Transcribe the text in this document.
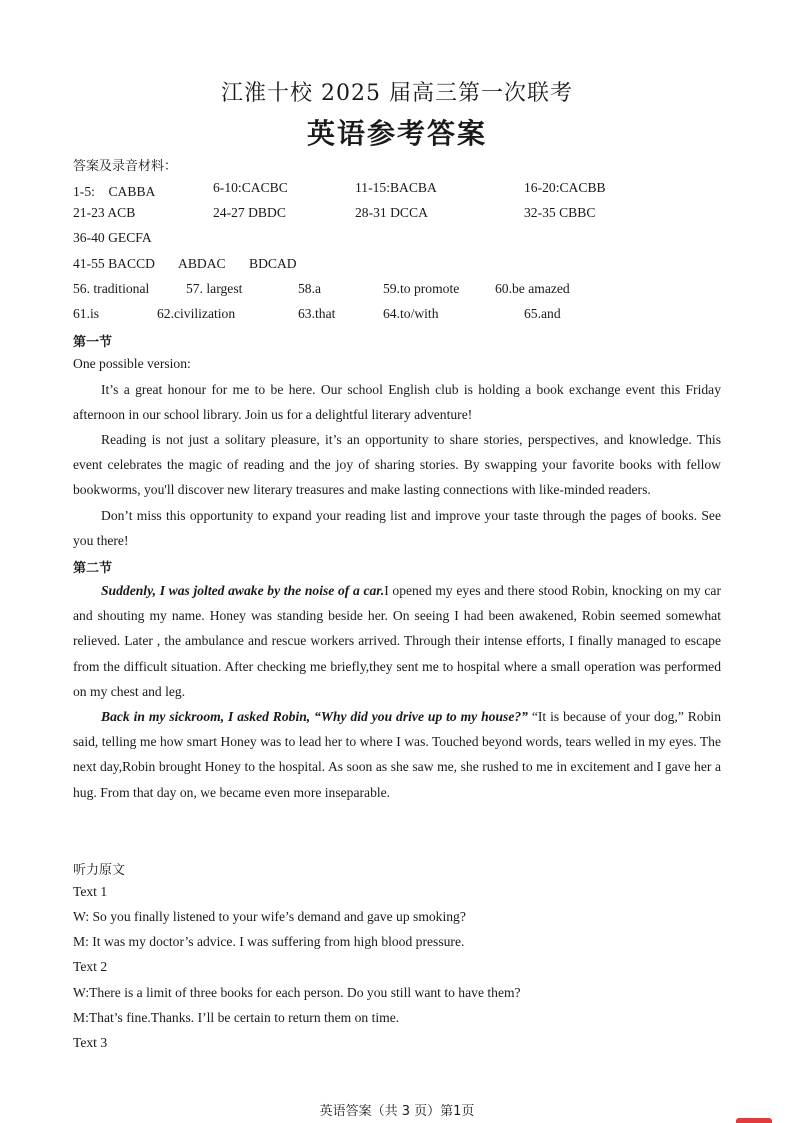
江淮十校 2025 届高三第一次联考
英语参考答案
答案及录音材料：
1-5:　CABBA	6-10:CACBC	11-15:BACBA	16-20:CACBB
21-23 ACB	24-27 DBDC	28-31 DCCA	32-35 CBBC
36-40 GECFA
41-55 BACCD ABDAC BDCAD
56. traditional	57. largest	58.a	59.to promote	60.be amazed
61.is	62.civilization	63.that	64.to/with	65.and
第一节
One possible version:
It’s a great honour for me to be here. Our school English club is holding a book exchange event this Friday afternoon in our school library. Join us for a delightful literary adventure!
Reading is not just a solitary pleasure, it’s an opportunity to share stories, perspectives, and knowledge. This event celebrates the magic of reading and the joy of sharing stories. By swapping your favorite books with fellow bookworms, you'll discover new literary treasures and make lasting connections with like-minded readers.
Don’t miss this opportunity to expand your reading list and improve your taste through the pages of books. See you there!
第二节
Suddenly, I was jolted awake by the noise of a car.I opened my eyes and there stood Robin, knocking on my car and shouting my name. Honey was standing beside her. On seeing I had been awakened, Robin seemed somewhat relieved. Later , the ambulance and rescue workers arrived. Through their intense efforts, I finally managed to escape from the difficult situation. After checking me briefly,they sent me to hospital where a small operation was performed on my chest and leg.
Back in my sickroom, I asked Robin, “Why did you drive up to my house?” “It is because of your dog,” Robin said, telling me how smart Honey was to lead her to where I was. Touched beyond words, tears welled in my eyes. The next day,Robin brought Honey to the hospital. As soon as she saw me, she rushed to me in excitement and I gave her a hug. From that day on, we became even more inseparable.
听力原文
Text 1
W: So you finally listened to your wife’s demand and gave up smoking?
M: It was my doctor’s advice. I was suffering from high blood pressure.
Text 2
W:There is a limit of three books for each person. Do you still want to have them?
M:That’s fine.Thanks. I’ll be certain to return them on time.
Text 3
英语答案（共 3 页）第1页
